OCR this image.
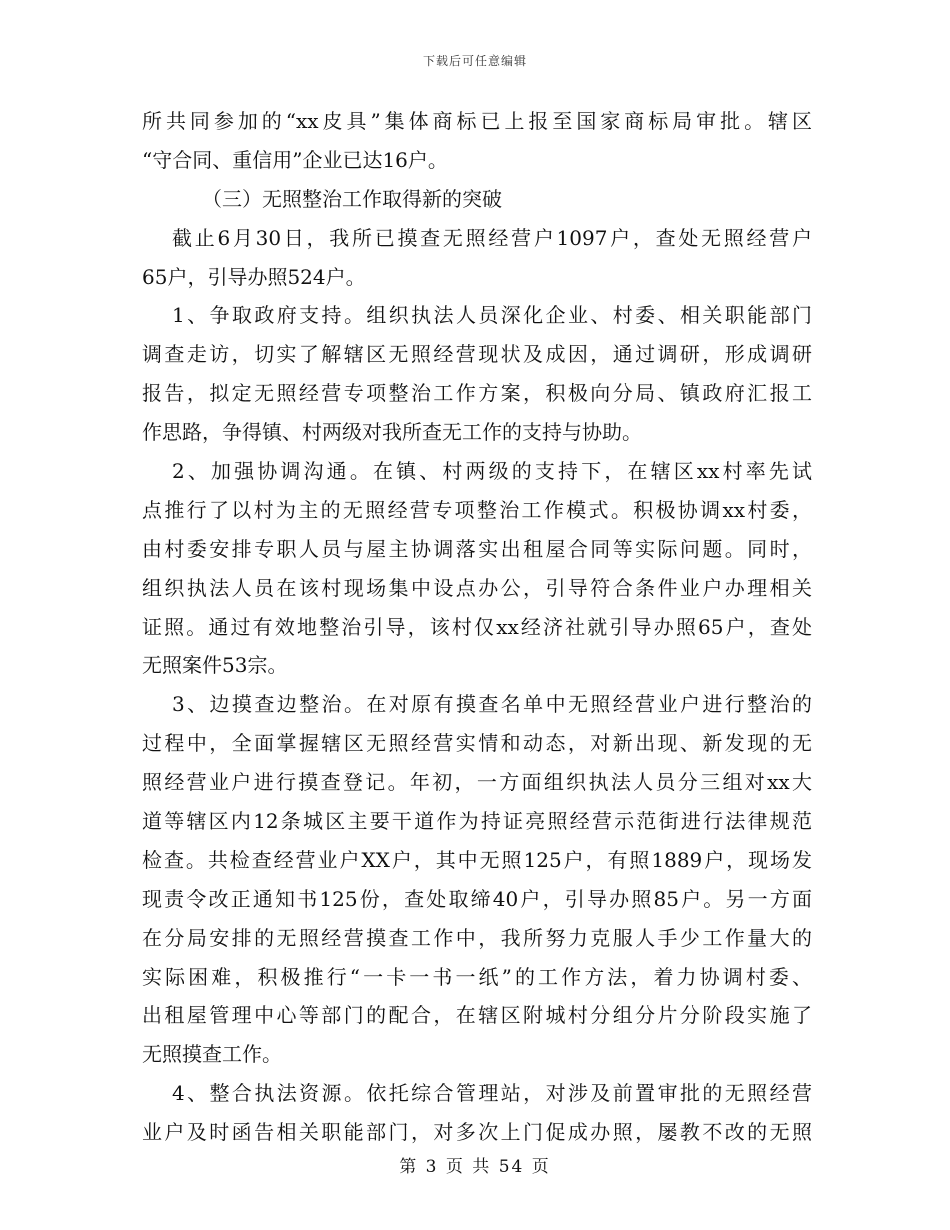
下载后可任意编辑
所共同参加的“xx皮具”集体商标已上报至国家商标局审批。辖区
“守合同、重信用”企业已达16户。
（三）无照整治工作取得新的突破
截止6月30日，我所已摸查无照经营户1097户，查处无照经营户
65户，引导办照524户。
1、争取政府支持。组织执法人员深化企业、村委、相关职能部门
调查走访，切实了解辖区无照经营现状及成因，通过调研，形成调研
报告，拟定无照经营专项整治工作方案，积极向分局、镇政府汇报工
作思路，争得镇、村两级对我所查无工作的支持与协助。
2、加强协调沟通。在镇、村两级的支持下，在辖区xx村率先试
点推行了以村为主的无照经营专项整治工作模式。积极协调xx村委，
由村委安排专职人员与屋主协调落实出租屋合同等实际问题。同时，
组织执法人员在该村现场集中设点办公，引导符合条件业户办理相关
证照。通过有效地整治引导，该村仅xx经济社就引导办照65户，查处
无照案件53宗。
3、边摸查边整治。在对原有摸查名单中无照经营业户进行整治的
过程中，全面掌握辖区无照经营实情和动态，对新出现、新发现的无
照经营业户进行摸查登记。年初，一方面组织执法人员分三组对xx大
道等辖区内12条城区主要干道作为持证亮照经营示范街进行法律规范
检查。共检查经营业户XX户，其中无照125户，有照1889户，现场发
现责令改正通知书125份，查处取缔40户，引导办照85户。另一方面
在分局安排的无照经营摸查工作中，我所努力克服人手少工作量大的
实际困难，积极推行“一卡一书一纸”的工作方法，着力协调村委、
出租屋管理中心等部门的配合，在辖区附城村分组分片分阶段实施了
无照摸查工作。
4、整合执法资源。依托综合管理站，对涉及前置审批的无照经营
业户及时函告相关职能部门，对多次上门促成办照，屡教不改的无照
第 3 页 共 54 页
